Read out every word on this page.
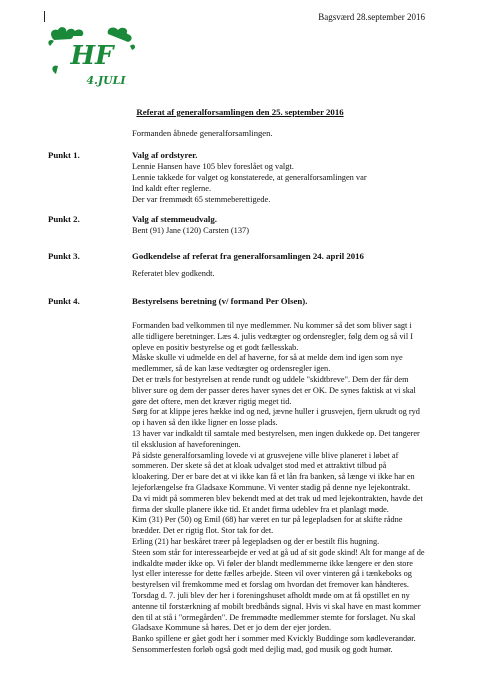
Bagsværd 28.september 2016
HF
4.JULI
Referat af generalforsamlingen den 25. september 2016
Formanden åbnede generalforsamlingen.
Punkt 1.	Valg af ordstyrer.
Lennie Hansen have 105 blev foreslået og valgt.
Lennie takkede for valget og konstaterede, at generalforsamlingen var
Ind kaldt efter reglerne.
Der var fremmødt 65 stemmeberettigede.
Punkt 2.	Valg af stemmeudvalg.
Bent (91) Jane (120) Carsten (137)
Punkt 3.	Godkendelse af referat fra generalforsamlingen 24. april 2016
Referatet blev godkendt.
Punkt 4.	Bestyrelsens beretning (v/ formand Per Olsen).
Formanden bad velkommen til nye medlemmer. Nu kommer så det som bliver sagt i
alle tidligere beretninger. Læs 4. julis vedtægter og ordensregler, følg dem og så vil I
opleve en positiv bestyrelse og et godt fællesskab.
Måske skulle vi udmelde en del af haverne, for så at melde dem ind igen som nye
medlemmer, så de kan læse vedtægter og ordensregler igen.
Det er træls for bestyrelsen at rende rundt og uddele "skidtbreve". Dem der får dem
bliver sure og dem der passer deres haver synes det er OK. De synes faktisk at vi skal
gøre det oftere, men det kræver rigtig meget tid.
Sørg for at klippe jeres hække ind og ned, jævne huller i grusvejen, fjern ukrudt og ryd
op i haven så den ikke ligner en losse plads.
13 haver var indkaldt til samtale med bestyrelsen, men ingen dukkede op. Det tangerer
til eksklusion af haveforeningen.
På sidste generalforsamling lovede vi at grusvejene ville blive planeret i løbet af
sommeren. Der skete så det at kloak udvalget stod med et attraktivt tilbud på
kloakering. Der er bare det at vi ikke kan få et lån fra banken, så længe vi ikke har en
lejeforlængelse fra Gladsaxe Kommune. Vi venter stadig på denne nye lejekontrakt.
Da vi midt på sommeren blev bekendt med at det trak ud med lejekontrakten, havde det
firma der skulle planere ikke tid. Et andet firma udeblev fra et planlagt møde.
Kim (31) Per (50) og Emil (68) har været en tur på legepladsen for at skifte rådne
brædder. Det er rigtig flot. Stor tak for det.
Erling (21) har beskåret træer på legepladsen og der er bestilt flis hugning.
Steen som står for interessearbejde er ved at gå ud af sit gode skind! Alt for mange af de
indkaldte møder ikke op. Vi føler der blandt medlemmerne ikke længere er den store
lyst eller interesse for dette fælles arbejde. Steen vil over vinteren gå i tænkeboks og
bestyrelsen vil fremkomme med et forslag om hvordan det fremover kan håndteres.
Torsdag d. 7. juli blev der her i foreningshuset afholdt møde om at få opstillet en ny
antenne til forstærkning af mobilt bredbånds signal. Hvis vi skal have en mast kommer
den til at stå i "ormegården". De fremmødte medlemmer stemte for forslaget. Nu skal
Gladsaxe Kommune så høres. Det er jo dem der ejer jorden.
Banko spillene er gået godt her i sommer med Kvickly Buddinge som kødleverandør.
Sensommerfesten forløb også godt med dejlig mad, god musik og godt humør.
